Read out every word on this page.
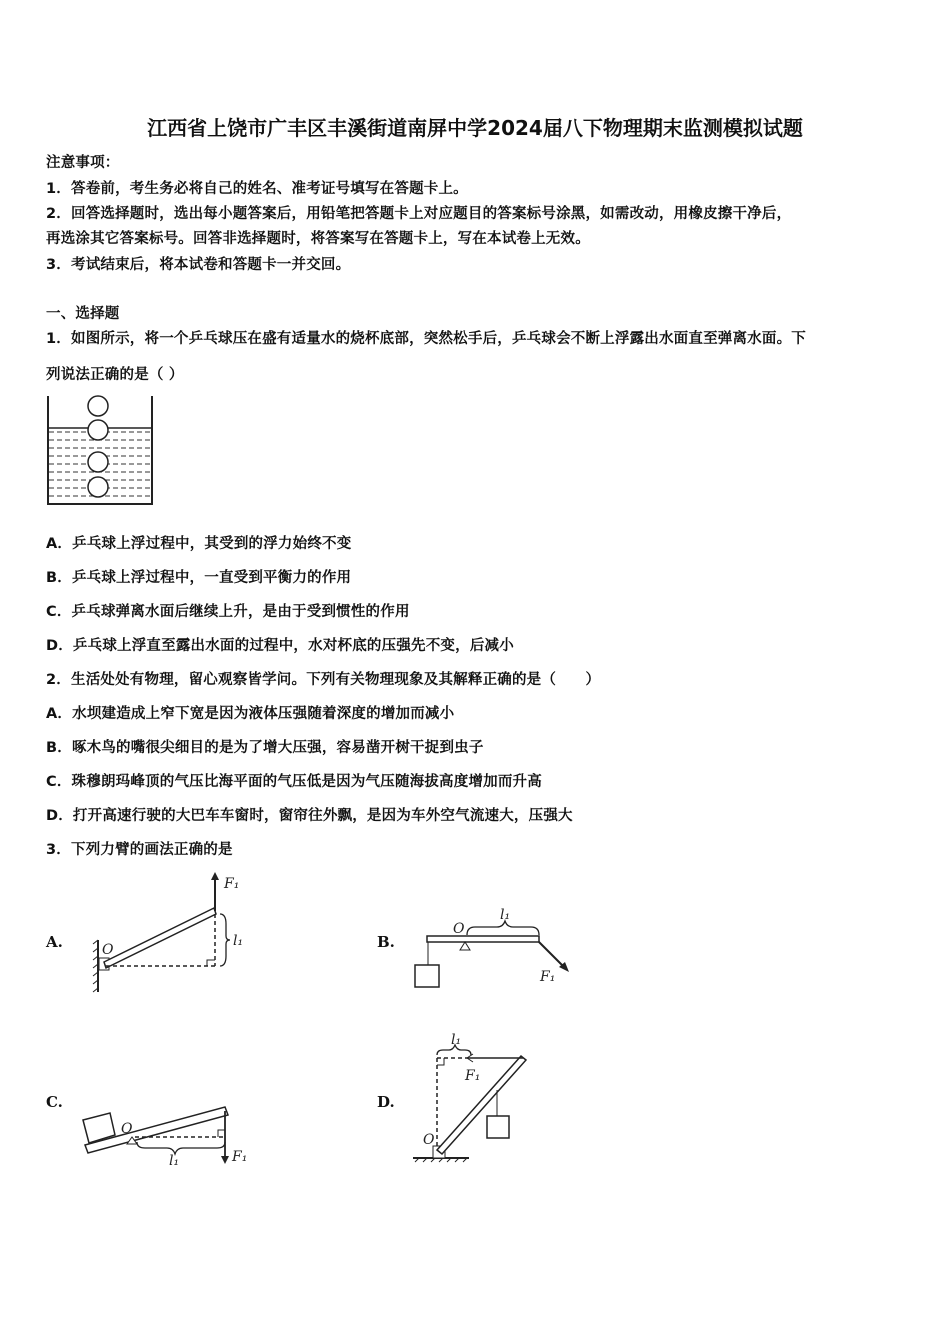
江西省上饶市广丰区丰溪街道南屏中学2024届八下物理期末监测模拟试题
注意事项：
1．答卷前，考生务必将自己的姓名、准考证号填写在答题卡上。
2．回答选择题时，选出每小题答案后，用铅笔把答题卡上对应题目的答案标号涂黑，如需改动，用橡皮擦干净后，
再选涂其它答案标号。回答非选择题时，将答案写在答题卡上，写在本试卷上无效。
3．考试结束后，将本试卷和答题卡一并交回。
一、选择题
1．如图所示，将一个乒乓球压在盛有适量水的烧杯底部，突然松手后，乒乓球会不断上浮露出水面直至弹离水面。下
列说法正确的是（ ）
A．乒乓球上浮过程中，其受到的浮力始终不变
B．乒乓球上浮过程中，一直受到平衡力的作用
C．乒乓球弹离水面后继续上升，是由于受到惯性的作用
D．乒乓球上浮直至露出水面的过程中，水对杯底的压强先不变，后减小
2．生活处处有物理，留心观察皆学问。下列有关物理现象及其解释正确的是（　　）
A．水坝建造成上窄下宽是因为液体压强随着深度的增加而减小
B．啄木鸟的嘴很尖细目的是为了增大压强，容易凿开树干捉到虫子
C．珠穆朗玛峰顶的气压比海平面的气压低是因为气压随海拔高度增加而升高
D．打开高速行驶的大巴车车窗时，窗帘往外飘，是因为车外空气流速大，压强大
3．下列力臂的画法正确的是
A.	B.
C.	D.
O
F₁
l₁
O
l₁
F₁
O
l₁	F₁
l₁
F₁
O
